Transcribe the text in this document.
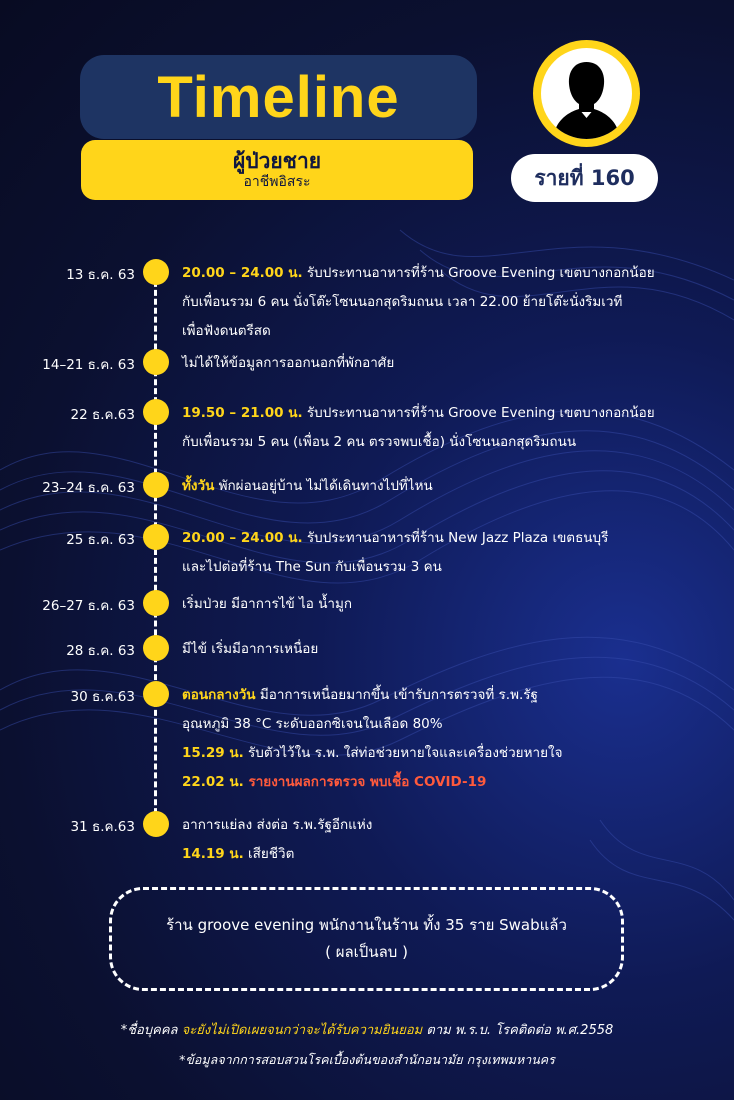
Timeline
ผู้ป่วยชาย
อาชีพอิสระ	รายที่ 160
13 ธ.ค. 63	20.00 – 24.00 น. รับประทานอาหารที่ร้าน Groove Evening เขตบางกอกน้อย
กับเพื่อนรวม 6 คน นั่งโต๊ะโซนนอกสุดริมถนน เวลา 22.00 ย้ายโต๊ะนั่งริมเวที
เพื่อฟังดนตรีสด
14–21 ธ.ค. 63	ไม่ได้ให้ข้อมูลการออกนอกที่พักอาศัย
22 ธ.ค.63	19.50 – 21.00 น. รับประทานอาหารที่ร้าน Groove Evening เขตบางกอกน้อย
กับเพื่อนรวม 5 คน (เพื่อน 2 คน ตรวจพบเชื้อ) นั่งโซนนอกสุดริมถนน
23–24 ธ.ค. 63	ทั้งวัน พักผ่อนอยู่บ้าน ไม่ได้เดินทางไปที่ไหน
25 ธ.ค. 63	20.00 – 24.00 น. รับประทานอาหารที่ร้าน New Jazz Plaza เขตธนบุรี
และไปต่อที่ร้าน The Sun กับเพื่อนรวม 3 คน
26–27 ธ.ค. 63	เริ่มป่วย มีอาการไข้ ไอ น้ำมูก
28 ธ.ค. 63	มีไข้ เริ่มมีอาการเหนื่อย
30 ธ.ค.63	ตอนกลางวัน มีอาการเหนื่อยมากขึ้น เข้ารับการตรวจที่ ร.พ.รัฐ
อุณหภูมิ 38 °C ระดับออกซิเจนในเลือด 80%
15.29 น. รับตัวไว้ใน ร.พ. ใส่ท่อช่วยหายใจและเครื่องช่วยหายใจ
22.02 น. รายงานผลการตรวจ พบเชื้อ COVID-19
31 ธ.ค.63	อาการแย่ลง ส่งต่อ ร.พ.รัฐอีกแห่ง
14.19 น. เสียชีวิต
ร้าน groove evening พนักงานในร้าน ทั้ง 35 ราย Swabแล้ว
( ผลเป็นลบ )
*ชื่อบุคคล จะยังไม่เปิดเผยจนกว่าจะได้รับความยินยอม ตาม พ.ร.บ. โรคติดต่อ พ.ศ.2558
*ข้อมูลจากการสอบสวนโรคเบื้องต้นของสำนักอนามัย กรุงเทพมหานคร
